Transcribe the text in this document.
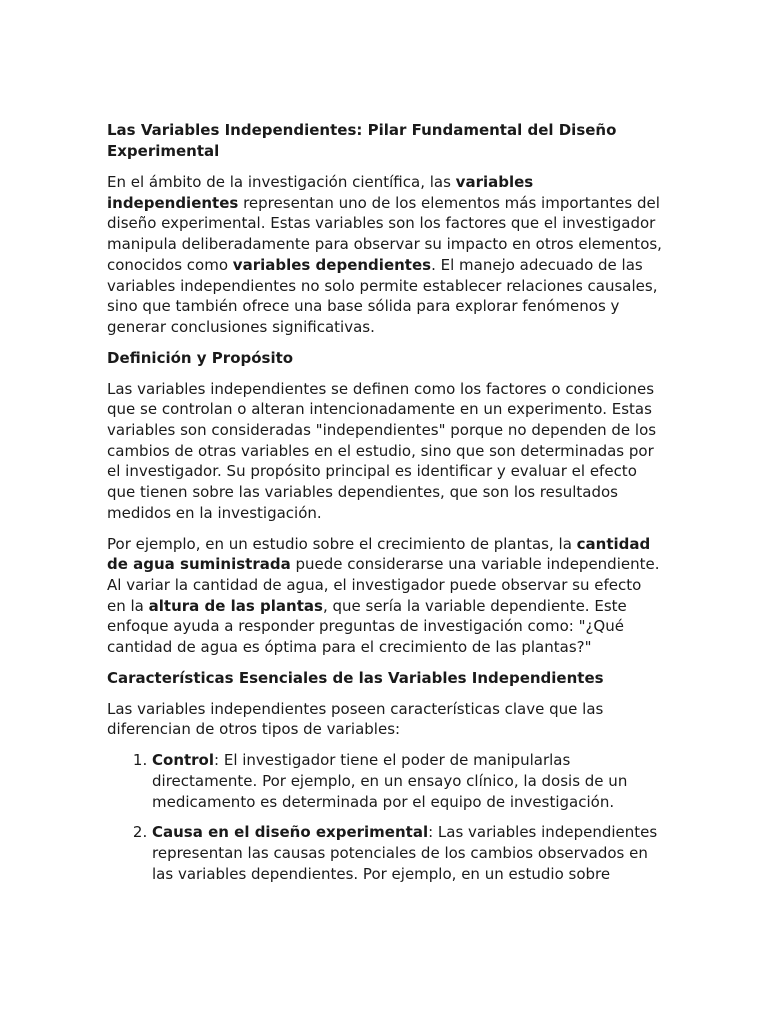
Las Variables Independientes: Pilar Fundamental del Diseño Experimental

En el ámbito de la investigación científica, las variables independientes representan uno de los elementos más importantes del diseño experimental. Estas variables son los factores que el investigador manipula deliberadamente para observar su impacto en otros elementos, conocidos como variables dependientes. El manejo adecuado de las variables independientes no solo permite establecer relaciones causales, sino que también ofrece una base sólida para explorar fenómenos y generar conclusiones significativas.

Definición y Propósito

Las variables independientes se definen como los factores o condiciones que se controlan o alteran intencionadamente en un experimento. Estas variables son consideradas "independientes" porque no dependen de los cambios de otras variables en el estudio, sino que son determinadas por el investigador. Su propósito principal es identificar y evaluar el efecto que tienen sobre las variables dependientes, que son los resultados medidos en la investigación.

Por ejemplo, en un estudio sobre el crecimiento de plantas, la cantidad de agua suministrada puede considerarse una variable independiente. Al variar la cantidad de agua, el investigador puede observar su efecto en la altura de las plantas, que sería la variable dependiente. Este enfoque ayuda a responder preguntas de investigación como: "¿Qué cantidad de agua es óptima para el crecimiento de las plantas?"

Características Esenciales de las Variables Independientes

Las variables independientes poseen características clave que las diferencian de otros tipos de variables:

1. Control: El investigador tiene el poder de manipularlas directamente. Por ejemplo, en un ensayo clínico, la dosis de un medicamento es determinada por el equipo de investigación.
2. Causa en el diseño experimental: Las variables independientes representan las causas potenciales de los cambios observados en las variables dependientes. Por ejemplo, en un estudio sobre
